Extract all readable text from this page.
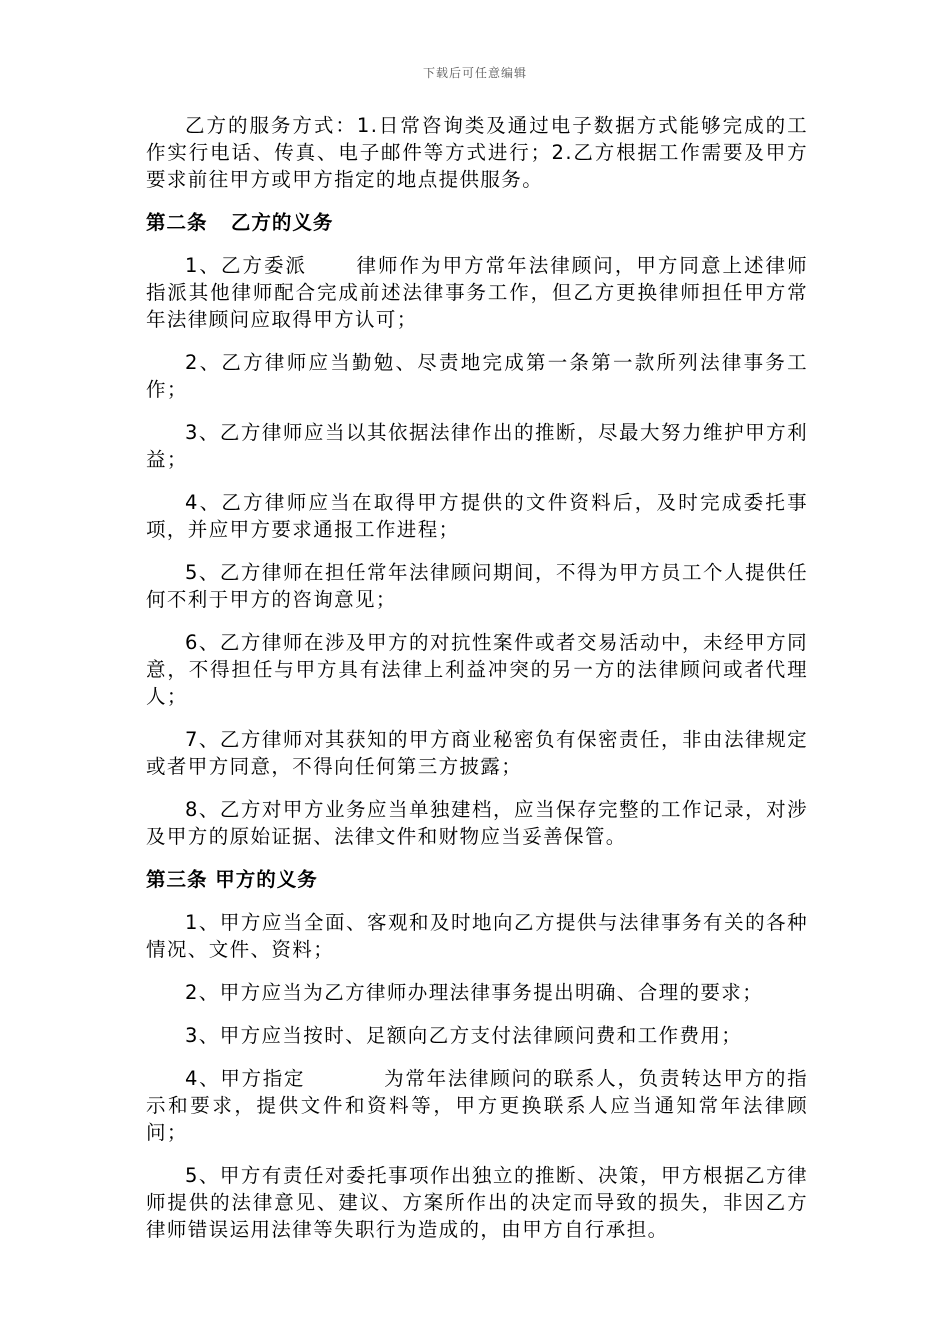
下载后可任意编辑

乙方的服务方式：1.日常咨询类及通过电子数据方式能够完成的工作实行电话、传真、电子邮件等方式进行；2.乙方根据工作需要及甲方要求前往甲方或甲方指定的地点提供服务。

第二条   乙方的义务

1、乙方委派      律师作为甲方常年法律顾问，甲方同意上述律师指派其他律师配合完成前述法律事务工作，但乙方更换律师担任甲方常年法律顾问应取得甲方认可；

2、乙方律师应当勤勉、尽责地完成第一条第一款所列法律事务工作；

3、乙方律师应当以其依据法律作出的推断，尽最大努力维护甲方利益；

4、乙方律师应当在取得甲方提供的文件资料后，及时完成委托事项，并应甲方要求通报工作进程；

5、乙方律师在担任常年法律顾问期间，不得为甲方员工个人提供任何不利于甲方的咨询意见；

6、乙方律师在涉及甲方的对抗性案件或者交易活动中，未经甲方同意，不得担任与甲方具有法律上利益冲突的另一方的法律顾问或者代理人；

7、乙方律师对其获知的甲方商业秘密负有保密责任，非由法律规定或者甲方同意，不得向任何第三方披露；

8、乙方对甲方业务应当单独建档，应当保存完整的工作记录，对涉及甲方的原始证据、法律文件和财物应当妥善保管。

第三条 甲方的义务

1、甲方应当全面、客观和及时地向乙方提供与法律事务有关的各种情况、文件、资料；

2、甲方应当为乙方律师办理法律事务提出明确、合理的要求；

3、甲方应当按时、足额向乙方支付法律顾问费和工作费用；

4、甲方指定          为常年法律顾问的联系人，负责转达甲方的指示和要求，提供文件和资料等，甲方更换联系人应当通知常年法律顾问；

5、甲方有责任对委托事项作出独立的推断、决策，甲方根据乙方律师提供的法律意见、建议、方案所作出的决定而导致的损失，非因乙方律师错误运用法律等失职行为造成的，由甲方自行承担。
